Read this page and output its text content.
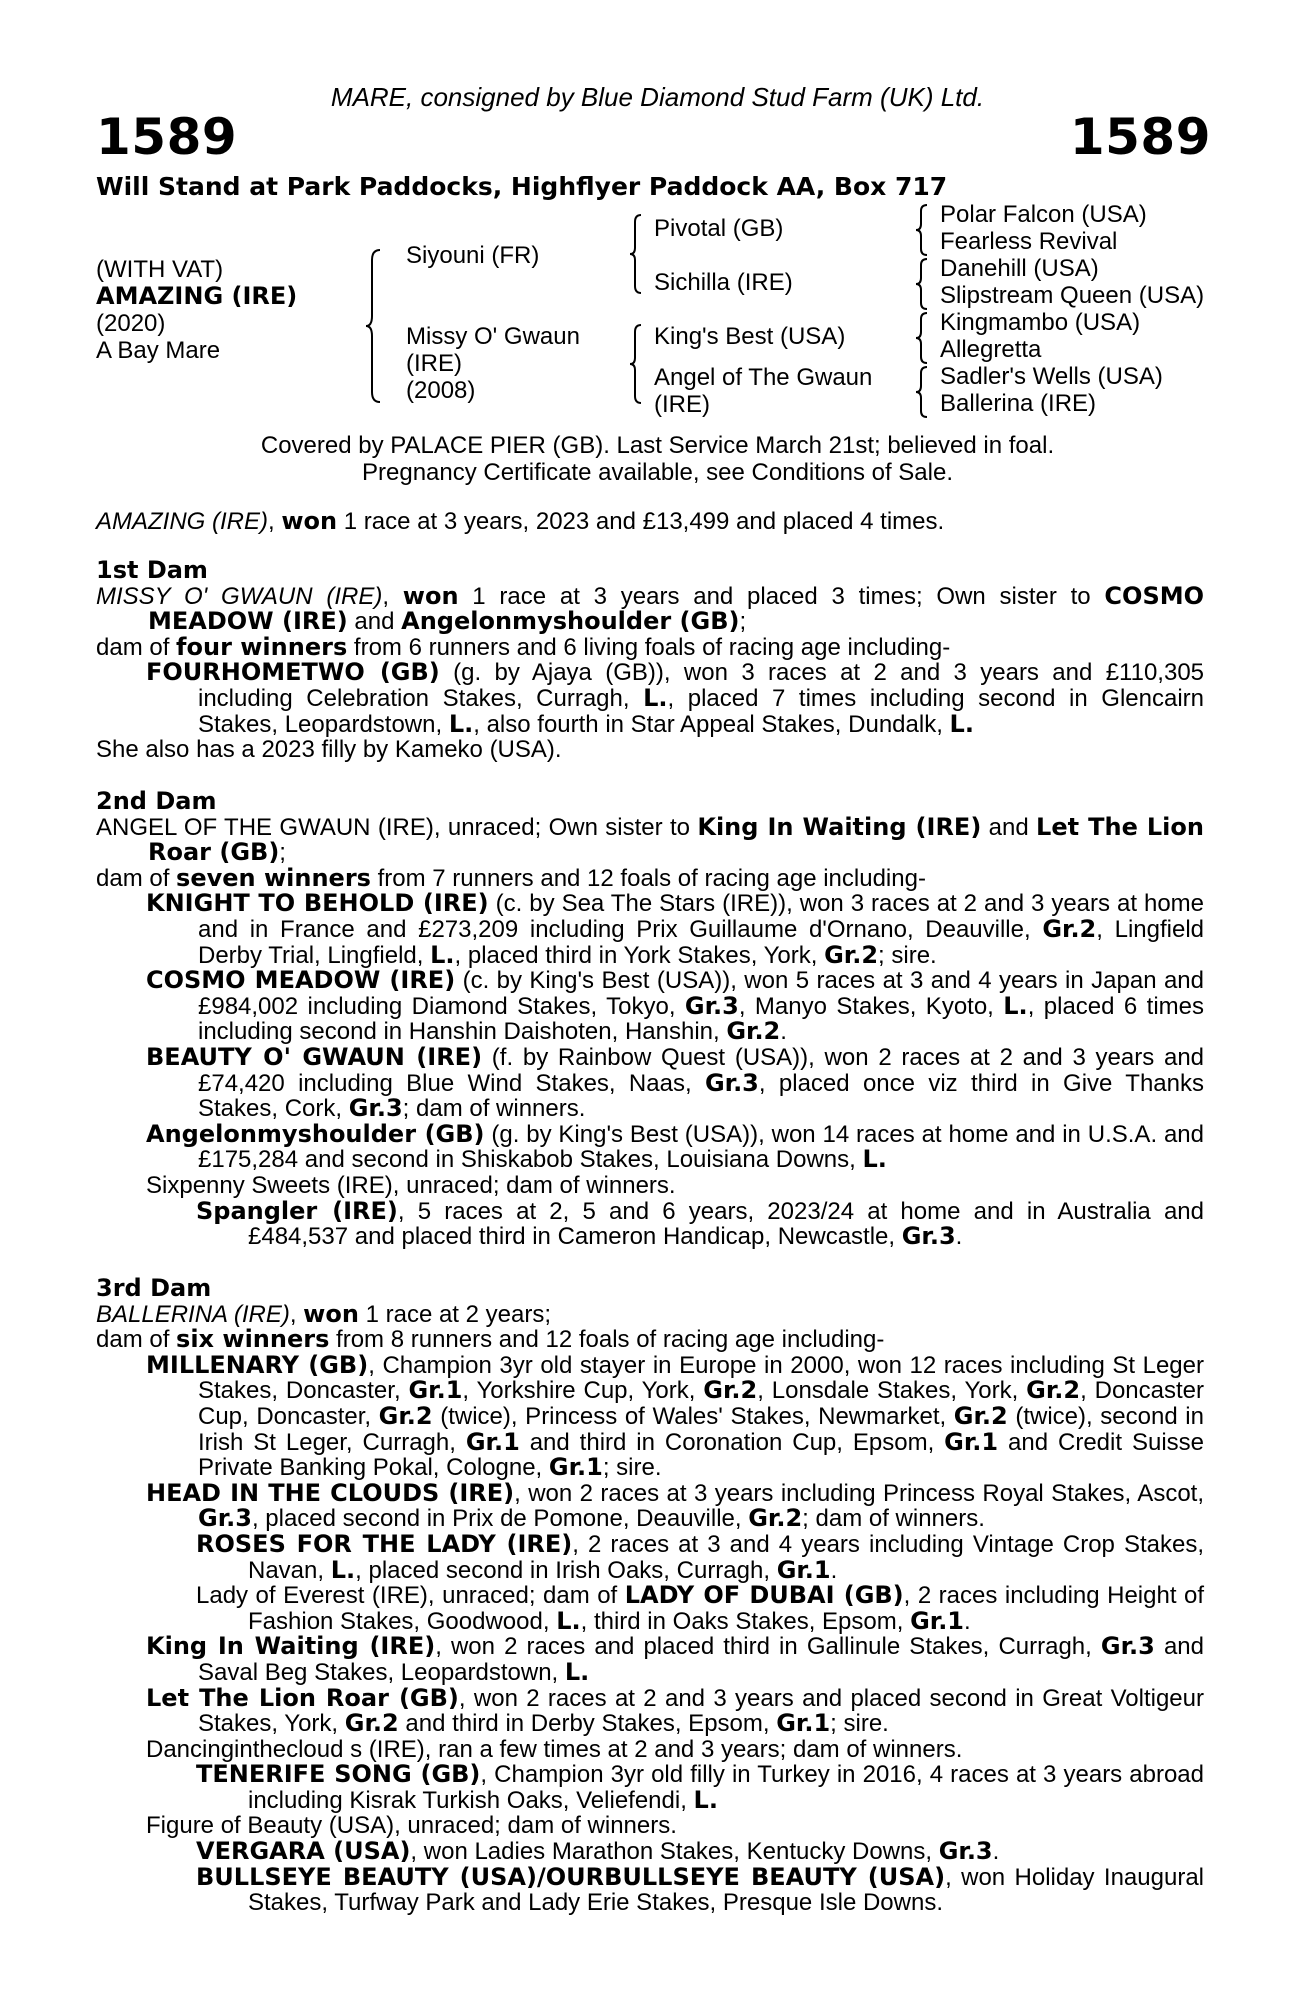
MARE, consigned by Blue Diamond Stud Farm (UK) Ltd.
1589	1589
Will Stand at Park Paddocks, Highflyer Paddock AA, Box 717
(WITH VAT)
AMAZING (IRE)
(2020)
A Bay Mare
Siyouni (FR)
Missy O' Gwaun
(IRE)
(2008)
Pivotal (GB)
Sichilla (IRE)
King's Best (USA)
Angel of The Gwaun
(IRE)
Polar Falcon (USA)
Fearless Revival
Danehill (USA)
Slipstream Queen (USA)
Kingmambo (USA)
Allegretta
Sadler's Wells (USA)
Ballerina (IRE)
Covered by PALACE PIER (GB). Last Service March 21st; believed in foal.
Pregnancy Certificate available, see Conditions of Sale.

AMAZING (IRE), won 1 race at 3 years, 2023 and £13,499 and placed 4 times.

1st Dam

MISSY O' GWAUN (IRE), won 1 race at 3 years and placed 3 times; Own sister to COSMO MEADOW (IRE) and Angelonmyshoulder (GB);

dam of four winners from 6 runners and 6 living foals of racing age including-

FOURHOMETWO (GB) (g. by Ajaya (GB)), won 3 races at 2 and 3 years and £110,305 including Celebration Stakes, Curragh, L., placed 7 times including second in Glencairn Stakes, Leopardstown, L., also fourth in Star Appeal Stakes, Dundalk, L.

She also has a 2023 filly by Kameko (USA).

2nd Dam

ANGEL OF THE GWAUN (IRE), unraced; Own sister to King In Waiting (IRE) and Let The Lion Roar (GB);

dam of seven winners from 7 runners and 12 foals of racing age including-

KNIGHT TO BEHOLD (IRE) (c. by Sea The Stars (IRE)), won 3 races at 2 and 3 years at home and in France and £273,209 including Prix Guillaume d'Ornano, Deauville, Gr.2, Lingfield Derby Trial, Lingfield, L., placed third in York Stakes, York, Gr.2; sire.

COSMO MEADOW (IRE) (c. by King's Best (USA)), won 5 races at 3 and 4 years in Japan and £984,002 including Diamond Stakes, Tokyo, Gr.3, Manyo Stakes, Kyoto, L., placed 6 times including second in Hanshin Daishoten, Hanshin, Gr.2.

BEAUTY O' GWAUN (IRE) (f. by Rainbow Quest (USA)), won 2 races at 2 and 3 years and £74,420 including Blue Wind Stakes, Naas, Gr.3, placed once viz third in Give Thanks Stakes, Cork, Gr.3; dam of winners.

Angelonmyshoulder (GB) (g. by King's Best (USA)), won 14 races at home and in U.S.A. and £175,284 and second in Shiskabob Stakes, Louisiana Downs, L.

Sixpenny Sweets (IRE), unraced; dam of winners.

Spangler (IRE), 5 races at 2, 5 and 6 years, 2023/24 at home and in Australia and £484,537 and placed third in Cameron Handicap, Newcastle, Gr.3.

3rd Dam

BALLERINA (IRE), won 1 race at 2 years;

dam of six winners from 8 runners and 12 foals of racing age including-

MILLENARY (GB), Champion 3yr old stayer in Europe in 2000, won 12 races including St Leger Stakes, Doncaster, Gr.1, Yorkshire Cup, York, Gr.2, Lonsdale Stakes, York, Gr.2, Doncaster Cup, Doncaster, Gr.2 (twice), Princess of Wales' Stakes, Newmarket, Gr.2 (twice), second in Irish St Leger, Curragh, Gr.1 and third in Coronation Cup, Epsom, Gr.1 and Credit Suisse Private Banking Pokal, Cologne, Gr.1; sire.

HEAD IN THE CLOUDS (IRE), won 2 races at 3 years including Princess Royal Stakes, Ascot, Gr.3, placed second in Prix de Pomone, Deauville, Gr.2; dam of winners.

ROSES FOR THE LADY (IRE), 2 races at 3 and 4 years including Vintage Crop Stakes, Navan, L., placed second in Irish Oaks, Curragh, Gr.1.

Lady of Everest (IRE), unraced; dam of LADY OF DUBAI (GB), 2 races including Height of Fashion Stakes, Goodwood, L., third in Oaks Stakes, Epsom, Gr.1.

King In Waiting (IRE), won 2 races and placed third in Gallinule Stakes, Curragh, Gr.3 and Saval Beg Stakes, Leopardstown, L.

Let The Lion Roar (GB), won 2 races at 2 and 3 years and placed second in Great Voltigeur Stakes, York, Gr.2 and third in Derby Stakes, Epsom, Gr.1; sire.

Dancinginthecloud s (IRE), ran a few times at 2 and 3 years; dam of winners.

TENERIFE SONG (GB), Champion 3yr old filly in Turkey in 2016, 4 races at 3 years abroad including Kisrak Turkish Oaks, Veliefendi, L.

Figure of Beauty (USA), unraced; dam of winners.

VERGARA (USA), won Ladies Marathon Stakes, Kentucky Downs, Gr.3.

BULLSEYE BEAUTY (USA)/OURBULLSEYE BEAUTY (USA), won Holiday Inaugural Stakes, Turfway Park and Lady Erie Stakes, Presque Isle Downs.
